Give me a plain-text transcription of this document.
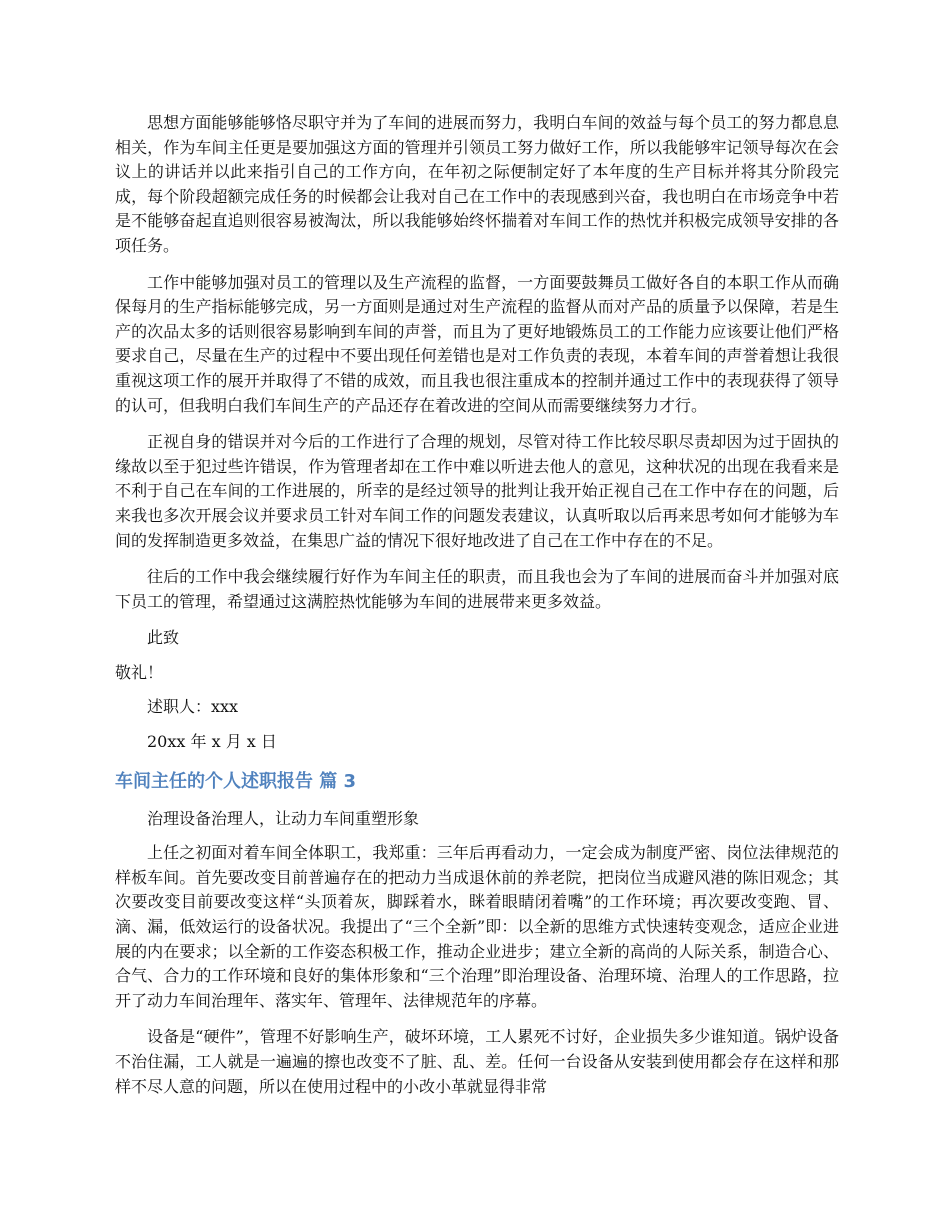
思想方面能够能够恪尽职守并为了车间的进展而努力，我明白车间的效益与每个员工的努力都息息相关，作为车间主任更是要加强这方面的管理并引领员工努力做好工作，所以我能够牢记领导每次在会议上的讲话并以此来指引自己的工作方向，在年初之际便制定好了本年度的生产目标并将其分阶段完成，每个阶段超额完成任务的时候都会让我对自己在工作中的表现感到兴奋，我也明白在市场竞争中若是不能够奋起直追则很容易被淘汰，所以我能够始终怀揣着对车间工作的热忱并积极完成领导安排的各项任务。

工作中能够加强对员工的管理以及生产流程的监督，一方面要鼓舞员工做好各自的本职工作从而确保每月的生产指标能够完成，另一方面则是通过对生产流程的监督从而对产品的质量予以保障，若是生产的次品太多的话则很容易影响到车间的声誉，而且为了更好地锻炼员工的工作能力应该要让他们严格要求自己，尽量在生产的过程中不要出现任何差错也是对工作负责的表现，本着车间的声誉着想让我很重视这项工作的展开并取得了不错的成效，而且我也很注重成本的控制并通过工作中的表现获得了领导的认可，但我明白我们车间生产的产品还存在着改进的空间从而需要继续努力才行。

正视自身的错误并对今后的工作进行了合理的规划，尽管对待工作比较尽职尽责却因为过于固执的缘故以至于犯过些许错误，作为管理者却在工作中难以听进去他人的意见，这种状况的出现在我看来是不利于自己在车间的工作进展的，所幸的是经过领导的批判让我开始正视自己在工作中存在的问题，后来我也多次开展会议并要求员工针对车间工作的问题发表建议，认真听取以后再来思考如何才能够为车间的发挥制造更多效益，在集思广益的情况下很好地改进了自己在工作中存在的不足。

往后的工作中我会继续履行好作为车间主任的职责，而且我也会为了车间的进展而奋斗并加强对底下员工的管理，希望通过这满腔热忱能够为车间的进展带来更多效益。

此致
敬礼！
述职人：xxx
20xx 年 x 月 x 日
车间主任的个人述职报告 篇 3
治理设备治理人，让动力车间重塑形象

上任之初面对着车间全体职工，我郑重：三年后再看动力，一定会成为制度严密、岗位法律规范的样板车间。首先要改变目前普遍存在的把动力当成退休前的养老院，把岗位当成避风港的陈旧观念；其次要改变目前要改变这样“头顶着灰，脚踩着水，眯着眼睛闭着嘴”的工作环境；再次要改变跑、冒、滴、漏，低效运行的设备状况。我提出了“三个全新”即：以全新的思维方式快速转变观念，适应企业进展的内在要求；以全新的工作姿态积极工作，推动企业进步；建立全新的高尚的人际关系，制造合心、合气、合力的工作环境和良好的集体形象和“三个治理”即治理设备、治理环境、治理人的工作思路，拉开了动力车间治理年、落实年、管理年、法律规范年的序幕。

设备是“硬件”，管理不好影响生产，破坏环境，工人累死不讨好，企业损失多少谁知道。锅炉设备不治住漏，工人就是一遍遍的擦也改变不了脏、乱、差。任何一台设备从安装到使用都会存在这样和那样不尽人意的问题，所以在使用过程中的小改小革就显得非常
